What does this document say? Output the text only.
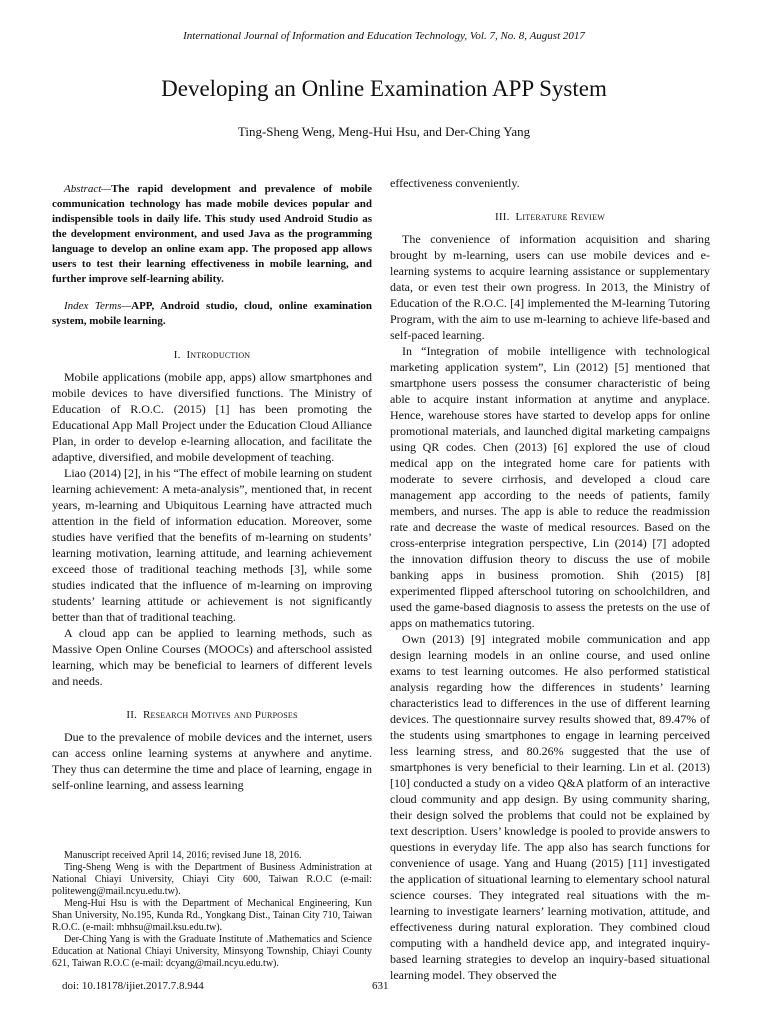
International Journal of Information and Education Technology, Vol. 7, No. 8, August 2017
Developing an Online Examination APP System
Ting-Sheng Weng, Meng-Hui Hsu, and Der-Ching Yang

Abstract—The rapid development and prevalence of mobile communication technology has made mobile devices popular and indispensible tools in daily life. This study used Android Studio as the development environment, and used Java as the programming language to develop an online exam app. The proposed app allows users to test their learning effectiveness in mobile learning, and further improve self-learning ability.

Index Terms—APP, Android studio, cloud, online examination system, mobile learning.

I. Introduction

Mobile applications (mobile app, apps) allow smartphones and mobile devices to have diversified functions. The Ministry of Education of R.O.C. (2015) [1] has been promoting the Educational App Mall Project under the Education Cloud Alliance Plan, in order to develop e-learning allocation, and facilitate the adaptive, diversified, and mobile development of teaching.

Liao (2014) [2], in his “The effect of mobile learning on student learning achievement: A meta-analysis”, mentioned that, in recent years, m-learning and Ubiquitous Learning have attracted much attention in the field of information education. Moreover, some studies have verified that the benefits of m-learning on students’ learning motivation, learning attitude, and learning achievement exceed those of traditional teaching methods [3], while some studies indicated that the influence of m-learning on improving students’ learning attitude or achievement is not significantly better than that of traditional teaching.

A cloud app can be applied to learning methods, such as Massive Open Online Courses (MOOCs) and afterschool assisted learning, which may be beneficial to learners of different levels and needs.

II. Research Motives and Purposes

Due to the prevalence of mobile devices and the internet, users can access online learning systems at anywhere and anytime. They thus can determine the time and place of learning, engage in self-online learning, and assess learning

Manuscript received April 14, 2016; revised June 18, 2016.

Ting-Sheng Weng is with the Department of Business Administration at National Chiayi University, Chiayi City 600, Taiwan R.O.C (e-mail: politeweng@mail.ncyu.edu.tw).

Meng-Hui Hsu is with the Department of Mechanical Engineering, Kun Shan University, No.195, Kunda Rd., Yongkang Dist., Tainan City 710, Taiwan R.O.C. (e-mail: mhhsu@mail.ksu.edu.tw).

Der-Ching Yang is with the Graduate Institute of .Mathematics and Science Education at National Chiayi University, Minsyong Township, Chiayi County 621, Taiwan R.O.C (e-mail: dcyang@mail.ncyu.edu.tw).

effectiveness conveniently.

III. Literature Review

The convenience of information acquisition and sharing brought by m-learning, users can use mobile devices and e-learning systems to acquire learning assistance or supplementary data, or even test their own progress. In 2013, the Ministry of Education of the R.O.C. [4] implemented the M-learning Tutoring Program, with the aim to use m-learning to achieve life-based and self-paced learning.

In “Integration of mobile intelligence with technological marketing application system”, Lin (2012) [5] mentioned that smartphone users possess the consumer characteristic of being able to acquire instant information at anytime and anyplace. Hence, warehouse stores have started to develop apps for online promotional materials, and launched digital marketing campaigns using QR codes. Chen (2013) [6] explored the use of cloud medical app on the integrated home care for patients with moderate to severe cirrhosis, and developed a cloud care management app according to the needs of patients, family members, and nurses. The app is able to reduce the readmission rate and decrease the waste of medical resources. Based on the cross-enterprise integration perspective, Lin (2014) [7] adopted the innovation diffusion theory to discuss the use of mobile banking apps in business promotion. Shih (2015) [8] experimented flipped afterschool tutoring on schoolchildren, and used the game-based diagnosis to assess the pretests on the use of apps on mathematics tutoring.

Own (2013) [9] integrated mobile communication and app design learning models in an online course, and used online exams to test learning outcomes. He also performed statistical analysis regarding how the differences in students’ learning characteristics lead to differences in the use of different learning devices. The questionnaire survey results showed that, 89.47% of the students using smartphones to engage in learning perceived less learning stress, and 80.26% suggested that the use of smartphones is very beneficial to their learning. Lin et al. (2013) [10] conducted a study on a video Q&A platform of an interactive cloud community and app design. By using community sharing, their design solved the problems that could not be explained by text description. Users’ knowledge is pooled to provide answers to questions in everyday life. The app also has search functions for convenience of usage. Yang and Huang (2015) [11] investigated the application of situational learning to elementary school natural science courses. They integrated real situations with the m-learning to investigate learners’ learning motivation, attitude, and effectiveness during natural exploration. They combined cloud computing with a handheld device app, and integrated inquiry-based learning strategies to develop an inquiry-based situational learning model. They observed the

doi: 10.18178/ijiet.2017.7.8.944	631
